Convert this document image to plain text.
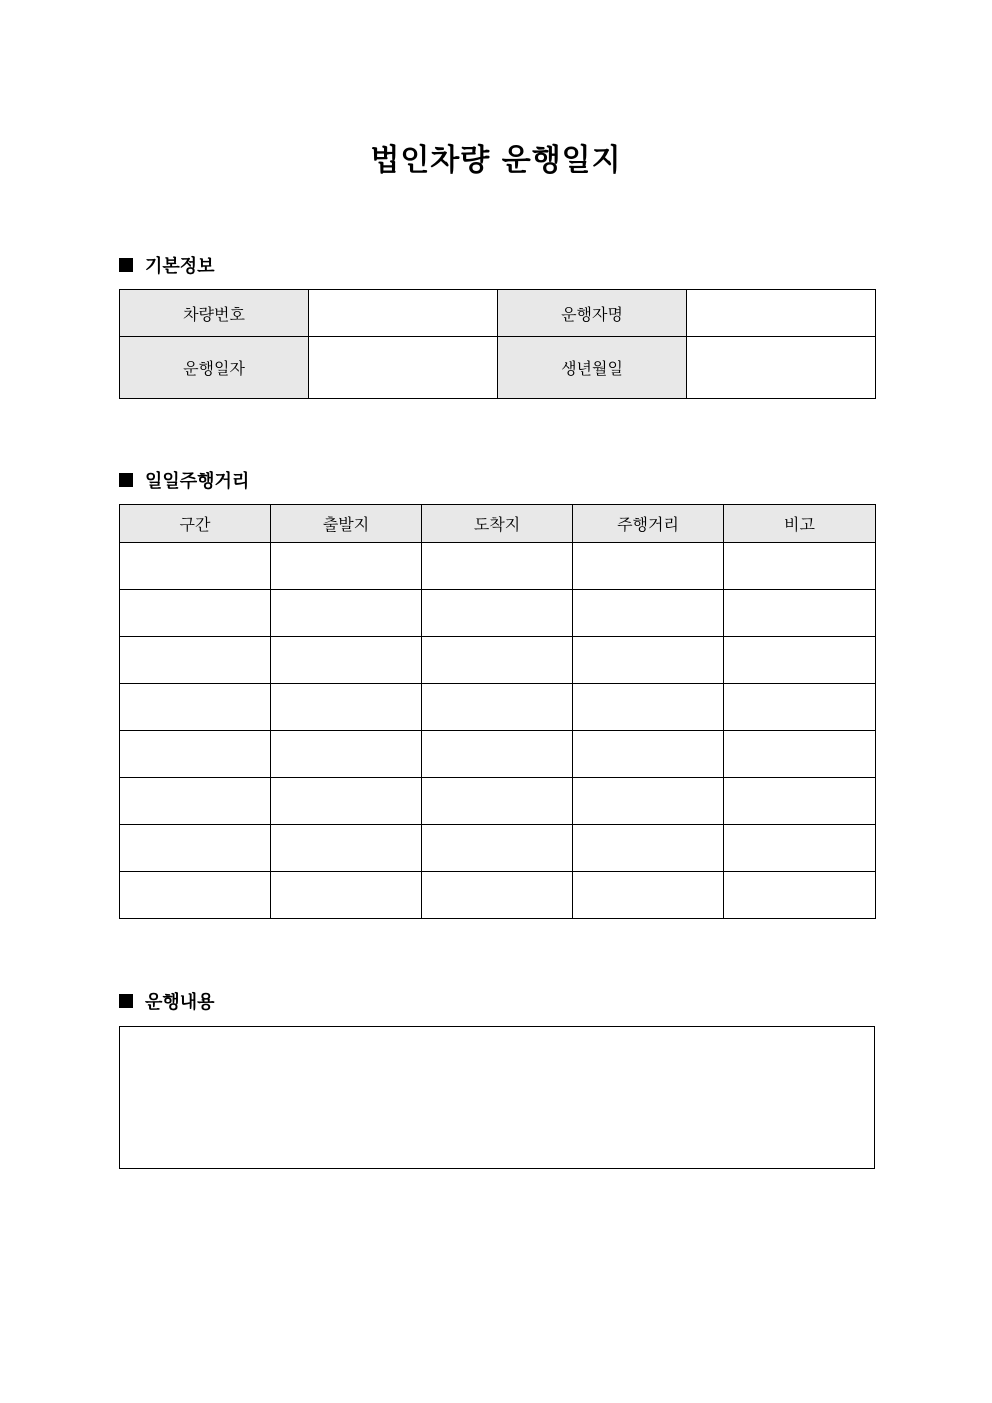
법인차량 운행일지
기본정보
차량번호		운행자명	
운행일자		생년월일	
일일주행거리
구간	출발지	도착지	주행거리	비고

운행내용
